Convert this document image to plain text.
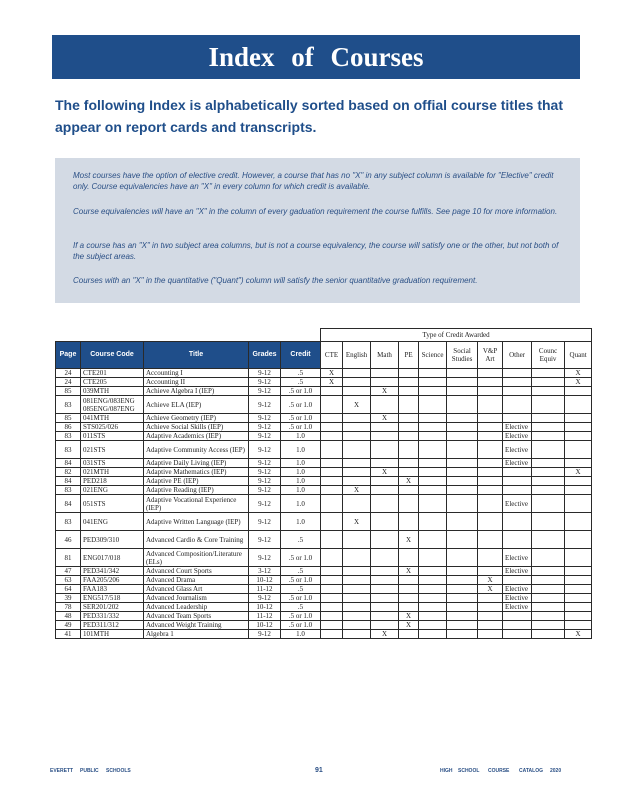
Index of Courses
The following Index is alphabetically sorted based on offial course titles that appear on report cards and transcripts.

Most courses have the option of elective credit. However, a course that has no "X" in any subject column is available for "Elective" credit only. Course equivalencies have an "X" in every column for which credit is available.

Course equivalencies will have an "X" in the column of every gaduation requirement the course fulfills. See page 10 for more information.

If a course has an "X" in two subject area columns, but is not a course equivalency, the course will satisfy one or the other, but not both of the subject areas.

Courses with an "X" in the quantitative ("Quant") column will satisfy the senior quantitative graduation requirement.

					Type of Credit Awarded									
Page	Course Code	Title	Grades	Credit	CTE	English	Math	PE	Science	Social Studies	V&P Art	Other	Counc Equiv	Quant
24	CTE201	Accounting I	9-12	.5	X									X
24	CTE205	Accounting II	9-12	.5	X									X
85	039MTH	Achieve Algebra I (IEP)	9-12	.5 or 1.0			X							
83	081ENG/083ENG 085ENG/087ENG	Achieve ELA (IEP)	9-12	.5 or 1.0		X								
85	041MTH	Achieve Geometry (IEP)	9-12	.5 or 1.0			X							
86	STS025/026	Achieve Social Skills (IEP)	9-12	.5 or 1.0								Elective		
83	011STS	Adaptive Academics (IEP)	9-12	1.0								Elective		
83	021STS	Adaptive Community Access (IEP)	9-12	1.0								Elective		
84	031STS	Adaptive Daily Living (IEP)	9-12	1.0								Elective		
82	021MTH	Adaptive Mathematics (IEP)	9-12	1.0			X							X
84	PED218	Adaptive PE (IEP)	9-12	1.0				X						
83	021ENG	Adaptive Reading (IEP)	9-12	1.0		X								
84	051STS	Adaptive Vocational Experience (IEP)	9-12	1.0								Elective		
83	041ENG	Adaptive Written Language (IEP)	9-12	1.0		X								
46	PED309/310	Advanced Cardio & Core Training	9-12	.5				X						
81	ENG017/018	Advanced Composition/Literature (ELs)	9-12	.5 or 1.0								Elective		
47	PED341/342	Advanced Court Sports	3-12	.5				X				Elective		
63	FAA205/206	Advanced Drama	10-12	.5 or 1.0							X			
64	FAA183	Advanced Glass Art	11-12	.5							X	Elective		
39	ENG517/518	Advanced Journalism	9-12	.5 or 1.0								Elective		
78	SER201/202	Advanced Leadership	10-12	.5								Elective		
48	PED331/332	Advanced Team Sports	11-12	.5 or 1.0				X						
49	PED311/312	Advanced Weight Training	10-12	.5 or 1.0				X						
41	101MTH	Algebra 1	9-12	1.0			X							X
EVERETT PUBLIC SCHOOLS	91	HIGH SCHOOL COURSE CATALOG 2020
